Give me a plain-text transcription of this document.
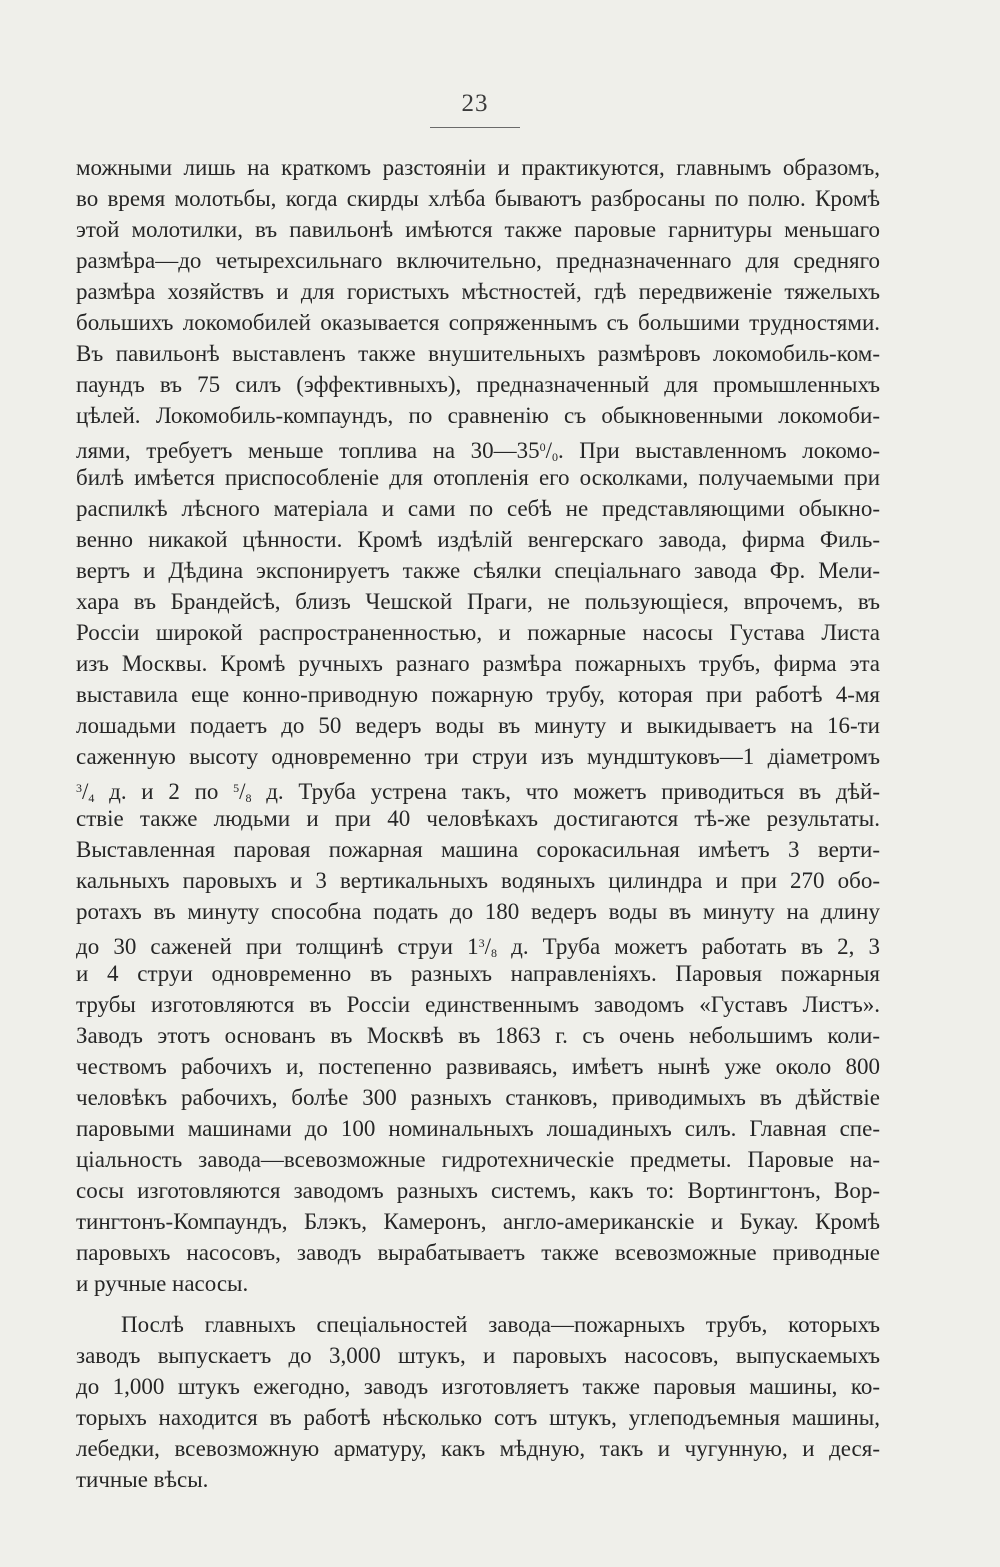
23
можными лишь на краткомъ разстоянiи и практикуются, главнымъ образомъ,
во время молотьбы, когда скирды хлѣба бываютъ разбросаны по полю. Кромѣ
этой молотилки, въ павильонѣ имѣются также паровые гарнитуры меньшаго
размѣра—до четырехсильнаго включительно, предназначеннаго для средняго
размѣра хозяйствъ и для гористыхъ мѣстностей, гдѣ передвиженiе тяжелыхъ
большихъ локомобилей оказывается сопряженнымъ съ большими трудностями.
Въ павильонѣ выставленъ также внушительныхъ размѣровъ локомобиль-ком-
паундъ въ 75 силъ (эффективныхъ), предназначенный для промышленныхъ
цѣлей. Локомобиль-компаундъ, по сравненiю съ обыкновенными локомоби-
лями, требуетъ меньше топлива на $30—35^0/_0$. При выставленномъ локомо-
билѣ имѣется приспособленiе для отопленiя его осколками, получаемыми при
распилкѣ лѣсного матерiала и сами по себѣ не представляющими обыкно-
венно никакой цѣнности. Кромѣ издѣлiй венгерскаго завода, фирма Филь-
вертъ и Дѣдина экспонируетъ также сѣялки спецiальнаго завода Фр. Мели-
хара въ Брандейсѣ, близъ Чешской Праги, не пользующiеся, впрочемъ, въ
Россiи широкой распространенностью, и пожарные насосы Густава Листа
изъ Москвы. Кромѣ ручныхъ разнаго размѣра пожарныхъ трубъ, фирма эта
выставила еще конно-приводную пожарную трубу, которая при работѣ 4-мя
лошадьми подаетъ до 50 ведеръ воды въ минуту и выкидываетъ на 16-ти
саженную высоту одновременно три струи изъ мундштуковъ—1 дiаметромъ
$^3/_4$ д. и 2 по $^5/_8$ д. Труба устрена такъ, что можетъ приводиться въ дѣй-
ствiе также людьми и при 40 человѣкахъ достигаются тѣ-же результаты.
Выставленная паровая пожарная машина сорокасильная имѣетъ 3 верти-
кальныхъ паровыхъ и 3 вертикальныхъ водяныхъ цилиндра и при 270 обо-
ротахъ въ минуту способна подать до 180 ведеръ воды въ минуту на длину
до 30 саженей при толщинѣ струи $1^3/_8$ д. Труба можетъ работать въ 2, 3
и 4 струи одновременно въ разныхъ направленiяхъ. Паровыя пожарныя
трубы изготовляются въ Россiи единственнымъ заводомъ «Густавъ Листъ».
Заводъ этотъ основанъ въ Москвѣ въ 1863 г. съ очень небольшимъ коли-
чествомъ рабочихъ и, постепенно развиваясь, имѣетъ нынѣ уже около 800
человѣкъ рабочихъ, болѣе 300 разныхъ станковъ, приводимыхъ въ дѣйствiе
паровыми машинами до 100 номинальныхъ лошадиныхъ силъ. Главная спе-
цiальность завода—всевозможные гидротехническiе предметы. Паровые на-
сосы изготовляются заводомъ разныхъ системъ, какъ то: Вортингтонъ, Вор-
тингтонъ-Компаундъ, Блэкъ, Камеронъ, англо-американскiе и Букау. Кромѣ
паровыхъ насосовъ, заводъ вырабатываетъ также всевозможные приводные
и ручные насосы.
Послѣ главныхъ спецiальностей завода—пожарныхъ трубъ, которыхъ
заводъ выпускаетъ до 3,000 штукъ, и паровыхъ насосовъ, выпускаемыхъ
до 1,000 штукъ ежегодно, заводъ изготовляетъ также паровыя машины, ко-
торыхъ находится въ работѣ нѣсколько сотъ штукъ, углеподъемныя машины,
лебедки, всевозможную арматуру, какъ мѣдную, такъ и чугунную, и деся-
тичные вѣсы.
